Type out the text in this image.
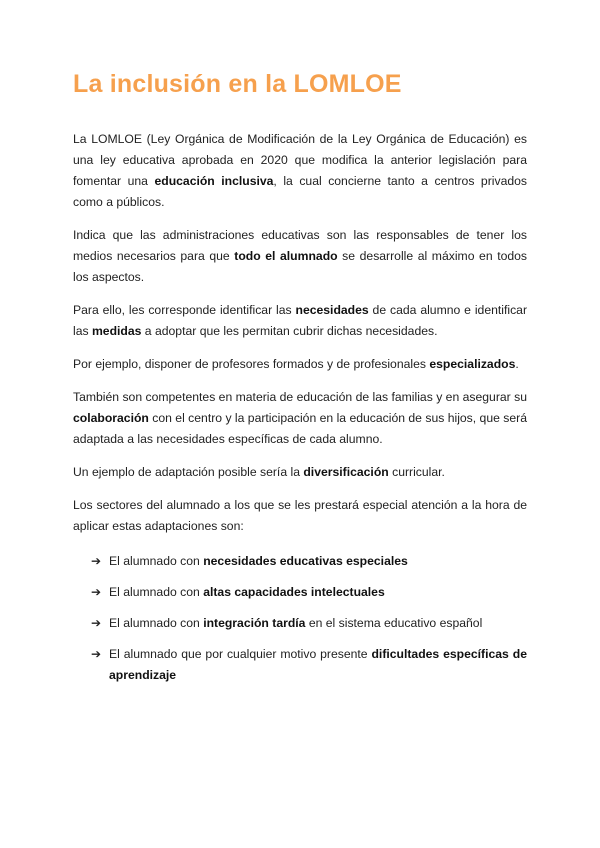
La inclusión en la LOMLOE

La LOMLOE (Ley Orgánica de Modificación de la Ley Orgánica de Educación) es una ley educativa aprobada en 2020 que modifica la anterior legislación para fomentar una educación inclusiva, la cual concierne tanto a centros privados como a públicos.

Indica que las administraciones educativas son las responsables de tener los medios necesarios para que todo el alumnado se desarrolle al máximo en todos los aspectos.

Para ello, les corresponde identificar las necesidades de cada alumno e identificar las medidas a adoptar que les permitan cubrir dichas necesidades.

Por ejemplo, disponer de profesores formados y de profesionales especializados.

También son competentes en materia de educación de las familias y en asegurar su colaboración con el centro y la participación en la educación de sus hijos, que será adaptada a las necesidades específicas de cada alumno.

Un ejemplo de adaptación posible sería la diversificación curricular.

Los sectores del alumnado a los que se les prestará especial atención a la hora de aplicar estas adaptaciones son:

➔ El alumnado con necesidades educativas especiales
➔ El alumnado con altas capacidades intelectuales
➔ El alumnado con integración tardía en el sistema educativo español
➔ El alumnado que por cualquier motivo presente dificultades específicas de aprendizaje
